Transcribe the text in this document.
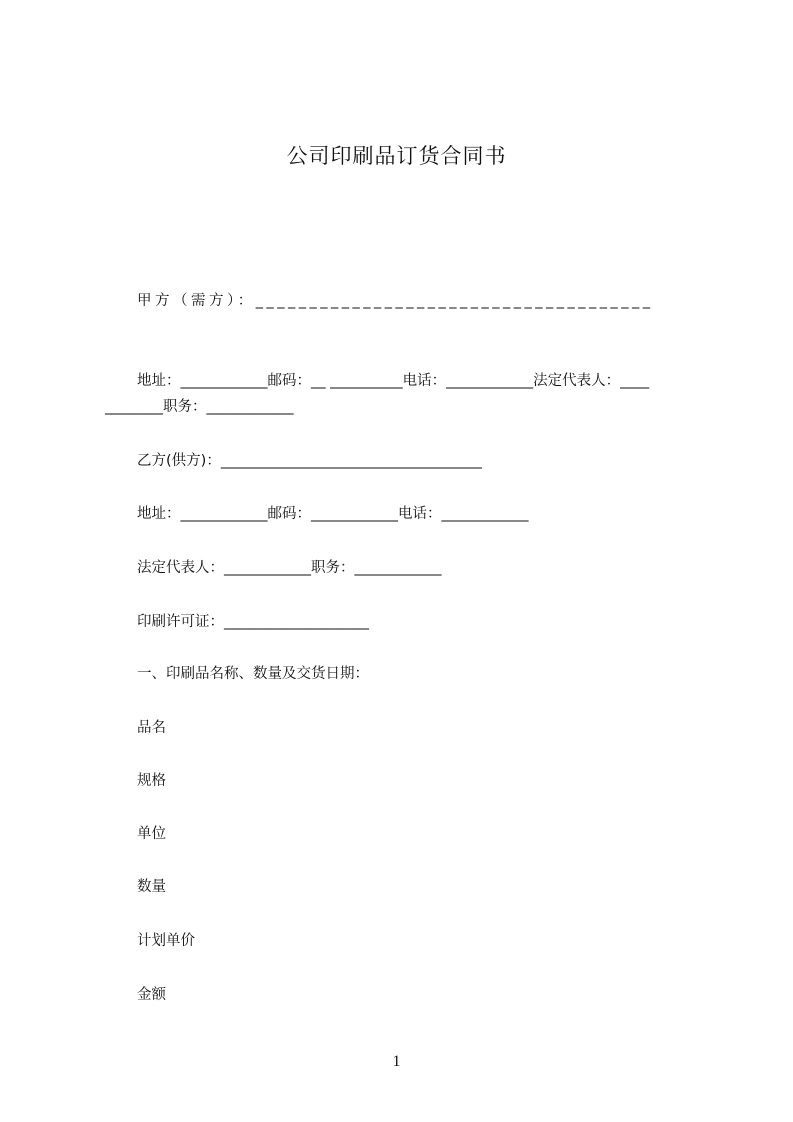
公司印刷品订货合同书
甲方（需方）：_____________________________________
地址：____________邮码：__ __________电话：____________法定代表人：____ ________职务：____________
乙方(供方)：____________________________________
地址：____________邮码：____________电话：____________
法定代表人：____________职务：____________
印刷许可证：____________________
一、印刷品名称、数量及交货日期：
品名
规格
单位
数量
计划单价
金额
1
